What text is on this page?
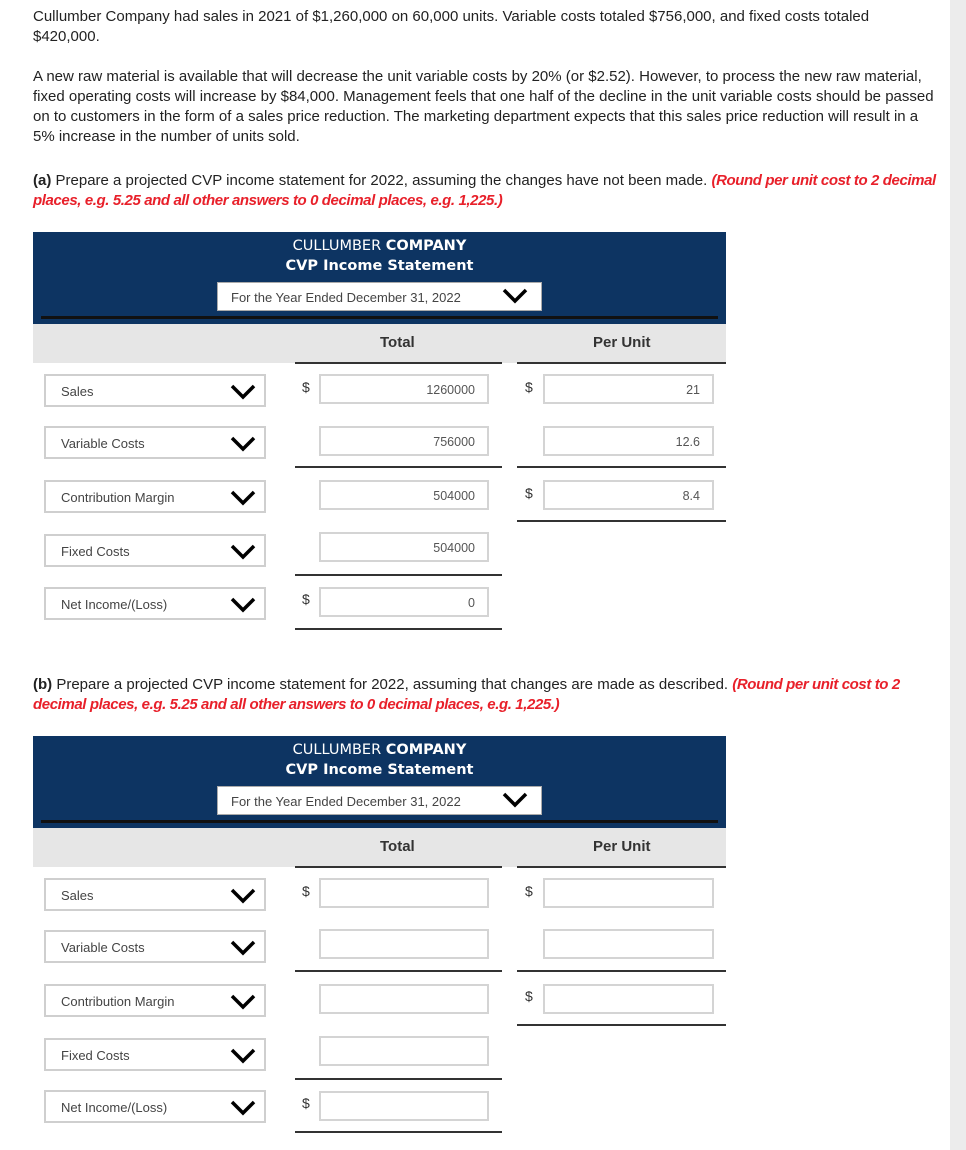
Cullumber Company had sales in 2021 of $1,260,000 on 60,000 units. Variable costs totaled $756,000, and fixed costs totaled $420,000.

A new raw material is available that will decrease the unit variable costs by 20% (or $2.52). However, to process the new raw material, fixed operating costs will increase by $84,000. Management feels that one half of the decline in the unit variable costs should be passed on to customers in the form of a sales price reduction. The marketing department expects that this sales price reduction will result in a 5% increase in the number of units sold.

(a) Prepare a projected CVP income statement for 2022, assuming the changes have not been made. (Round per unit cost to 2 decimal places, e.g. 5.25 and all other answers to 0 decimal places, e.g. 1,225.)

CULLUMBER COMPANY
CVP Income Statement
For the Year Ended December 31, 2022
Total	Per Unit
Sales	$	1260000	$	21
Variable Costs	756000	12.6
Contribution Margin	504000	$	8.4
Fixed Costs	504000
Net Income/(Loss)	$	0

(b) Prepare a projected CVP income statement for 2022, assuming that changes are made as described. (Round per unit cost to 2 decimal places, e.g. 5.25 and all other answers to 0 decimal places, e.g. 1,225.)

CULLUMBER COMPANY
CVP Income Statement
For the Year Ended December 31, 2022
Total	Per Unit
Sales	$	$
Variable Costs
Contribution Margin	$
Fixed Costs
Net Income/(Loss)	$
